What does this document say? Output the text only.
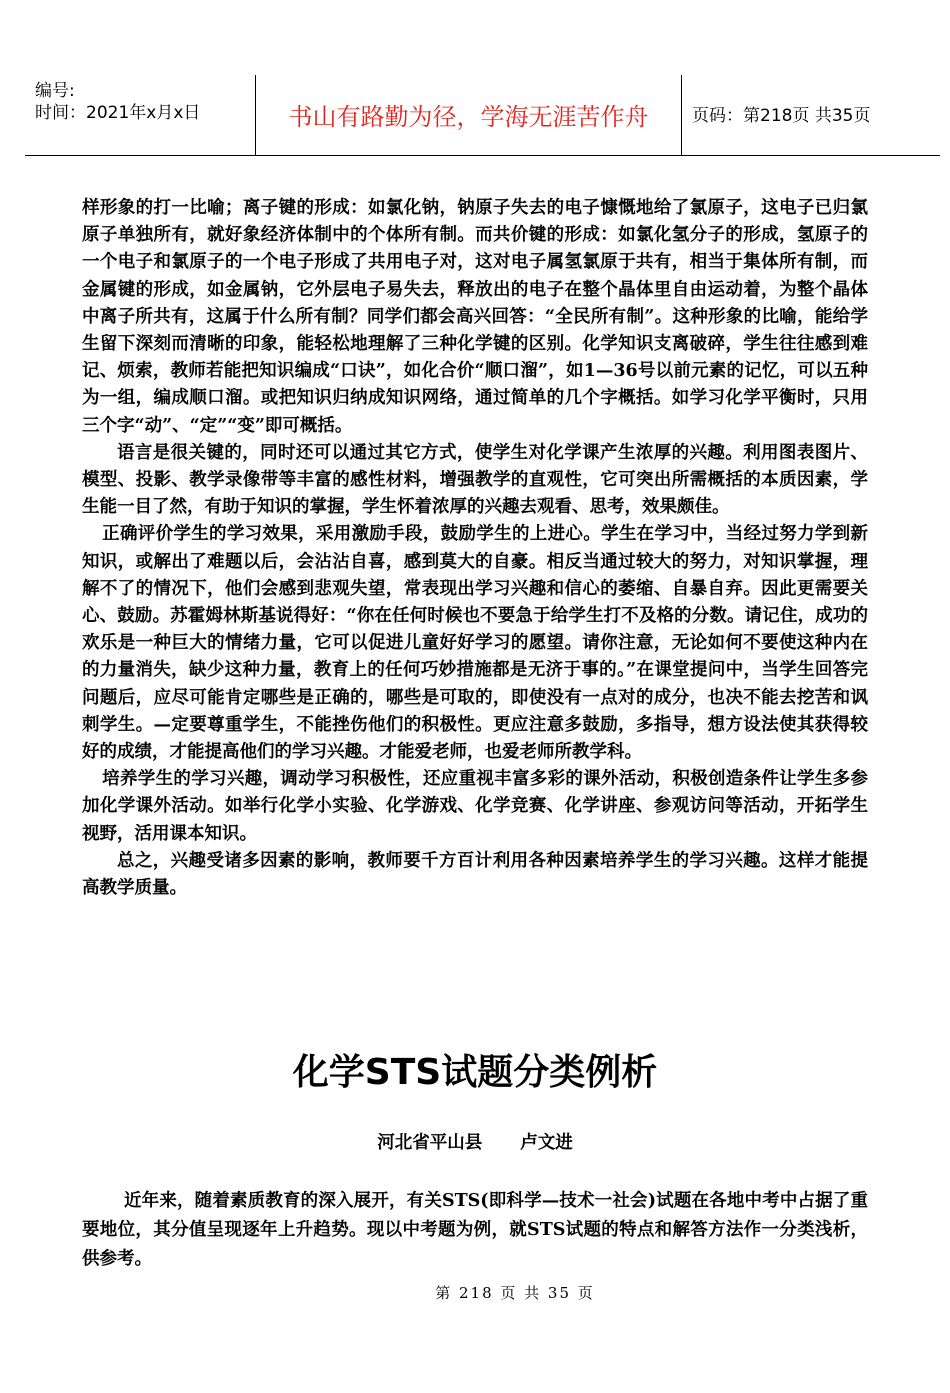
编号:
时间：2021年x月x日	书山有路勤为径，学海无涯苦作舟	页码：第218页 共35页

样形象的打一比喻；离子键的形成：如氯化钠，钠原子失去的电子慷慨地给了氯原子，这电子已归氯原子单独所有，就好象经济体制中的个体所有制。而共价键的形成：如氯化氢分子的形成，氢原子的一个电子和氯原子的一个电子形成了共用电子对，这对电子属氢氯原于共有，相当于集体所有制，而金属键的形成，如金属钠，它外层电子易失去，释放出的电子在整个晶体里自由运动着，为整个晶体中离子所共有，这属于什么所有制？同学们都会高兴回答：“全民所有制”。这种形象的比喻，能给学生留下深刻而清晰的印象，能轻松地理解了三种化学键的区别。化学知识支离破碎，学生往往感到难记、烦索，教师若能把知识编成“口诀”，如化合价“顺口溜”，如1—36号以前元素的记忆，可以五种为一组，编成顺口溜。或把知识归纳成知识网络，通过简单的几个字概括。如学习化学平衡时，只用三个字“动”、“定”“变”即可概括。

语言是很关键的，同时还可以通过其它方式，使学生对化学课产生浓厚的兴趣。利用图表图片、模型、投影、教学录像带等丰富的感性材料，增强教学的直观性，它可突出所需概括的本质因素，学生能一目了然，有助于知识的掌握，学生怀着浓厚的兴趣去观看、思考，效果颇佳。

正确评价学生的学习效果，采用激励手段，鼓励学生的上进心。学生在学习中，当经过努力学到新知识，或解出了难题以后，会沾沾自喜，感到莫大的自豪。相反当通过较大的努力，对知识掌握，理解不了的情况下，他们会感到悲观失望，常表现出学习兴趣和信心的萎缩、自暴自弃。因此更需要关心、鼓励。苏霍姆林斯基说得好：“你在任何时候也不要急于给学生打不及格的分数。请记住，成功的欢乐是一种巨大的情绪力量，它可以促进儿童好好学习的愿望。请你注意，无论如何不要使这种内在的力量消失，缺少这种力量，教育上的任何巧妙措施都是无济于事的。”在课堂提问中，当学生回答完问题后，应尽可能肯定哪些是正确的，哪些是可取的，即使没有一点对的成分，也决不能去挖苦和讽刺学生。—定要尊重学生，不能挫伤他们的积极性。更应注意多鼓励，多指导，想方设法使其获得较好的成绩，才能提高他们的学习兴趣。才能爱老师，也爱老师所教学科。

培养学生的学习兴趣，调动学习积极性，还应重视丰富多彩的课外活动，积极创造条件让学生多参加化学课外活动。如举行化学小实验、化学游戏、化学竞赛、化学讲座、参观访问等活动，开拓学生视野，活用课本知识。

总之，兴趣受诸多因素的影响，教师要千方百计利用各种因素培养学生的学习兴趣。这样才能提高教学质量。

化学STS试题分类例析
河北省平山县 卢文进

近年来，随着素质教育的深入展开，有关STS(即科学—技术一社会)试题在各地中考中占据了重要地位，其分值呈现逐年上升趋势。现以中考题为例，就STS试题的特点和解答方法作一分类浅析，供参考。

第 218 页 共 35 页
